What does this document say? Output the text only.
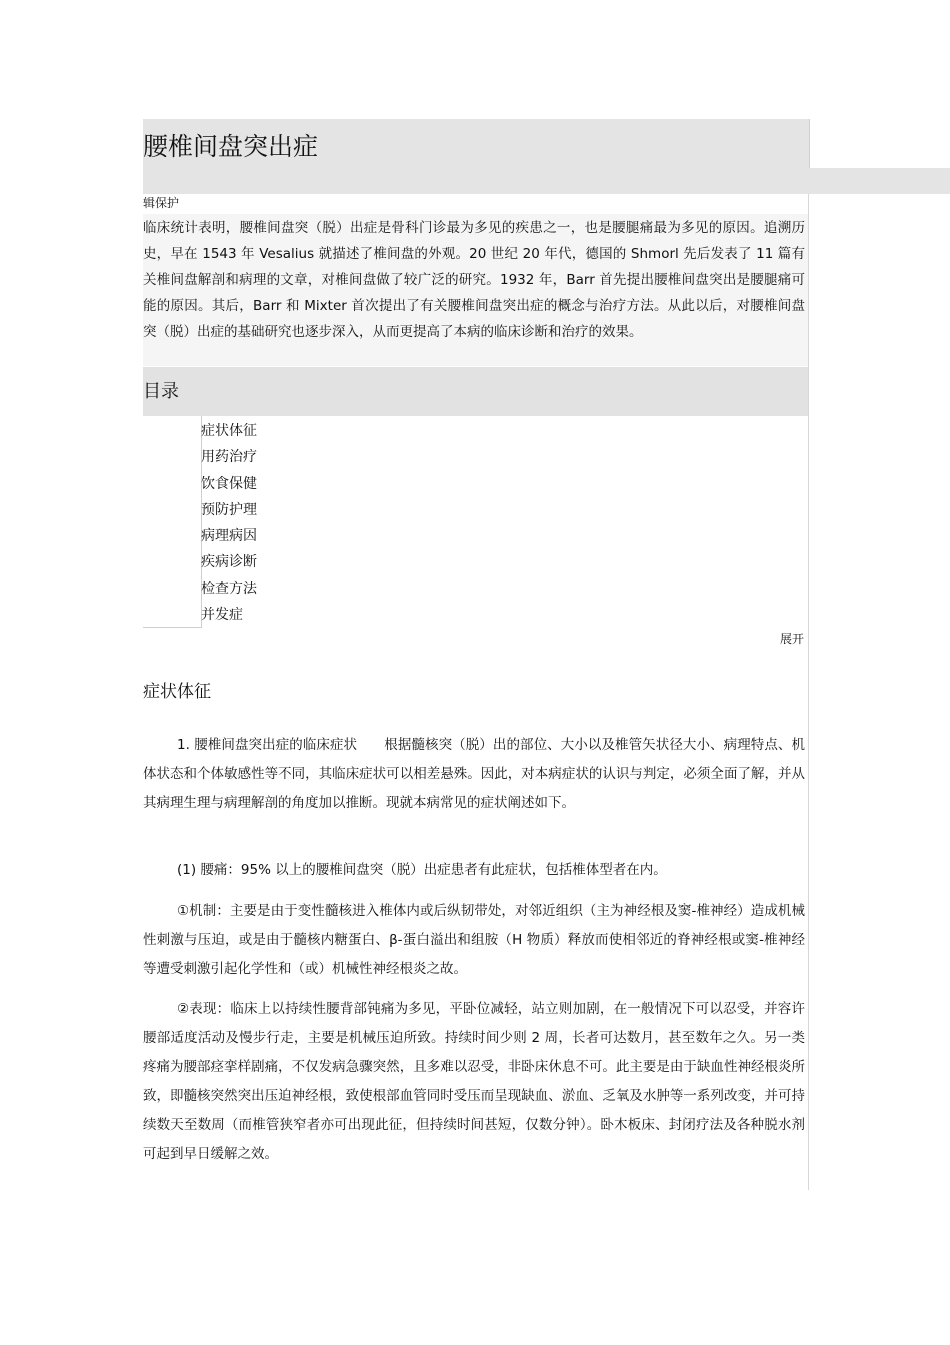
腰椎间盘突出症
辑保护

临床统计表明，腰椎间盘突（脱）出症是骨科门诊最为多见的疾患之一，也是腰腿痛最为多见的原因。追溯历史，早在 1543 年 Vesalius 就描述了椎间盘的外观。20 世纪 20 年代，德国的 Shmorl 先后发表了 11 篇有关椎间盘解剖和病理的文章，对椎间盘做了较广泛的研究。1932 年，Barr 首先提出腰椎间盘突出是腰腿痛可能的原因。其后，Barr 和 Mixter 首次提出了有关腰椎间盘突出症的概念与治疗方法。从此以后，对腰椎间盘突（脱）出症的基础研究也逐步深入，从而更提高了本病的临床诊断和治疗的效果。

目录
症状体征
用药治疗
饮食保健
预防护理
病理病因
疾病诊断
检查方法
并发症
展开
症状体征

1. 腰椎间盘突出症的临床症状　　根据髓核突（脱）出的部位、大小以及椎管矢状径大小、病理特点、机体状态和个体敏感性等不同，其临床症状可以相差悬殊。因此，对本病症状的认识与判定，必须全面了解，并从其病理生理与病理解剖的角度加以推断。现就本病常见的症状阐述如下。

(1) 腰痛：95% 以上的腰椎间盘突（脱）出症患者有此症状，包括椎体型者在内。

①机制：主要是由于变性髓核进入椎体内或后纵韧带处，对邻近组织（主为神经根及窦-椎神经）造成机械性刺激与压迫，或是由于髓核内糖蛋白、β-蛋白溢出和组胺（H 物质）释放而使相邻近的脊神经根或窦-椎神经等遭受刺激引起化学性和（或）机械性神经根炎之故。

②表现：临床上以持续性腰背部钝痛为多见，平卧位减轻，站立则加剧，在一般情况下可以忍受，并容许腰部适度活动及慢步行走，主要是机械压迫所致。持续时间少则 2 周，长者可达数月，甚至数年之久。另一类疼痛为腰部痉挛样剧痛，不仅发病急骤突然，且多难以忍受，非卧床休息不可。此主要是由于缺血性神经根炎所致，即髓核突然突出压迫神经根，致使根部血管同时受压而呈现缺血、淤血、乏氧及水肿等一系列改变，并可持续数天至数周（而椎管狭窄者亦可出现此征，但持续时间甚短，仅数分钟）。卧木板床、封闭疗法及各种脱水剂可起到早日缓解之效。
